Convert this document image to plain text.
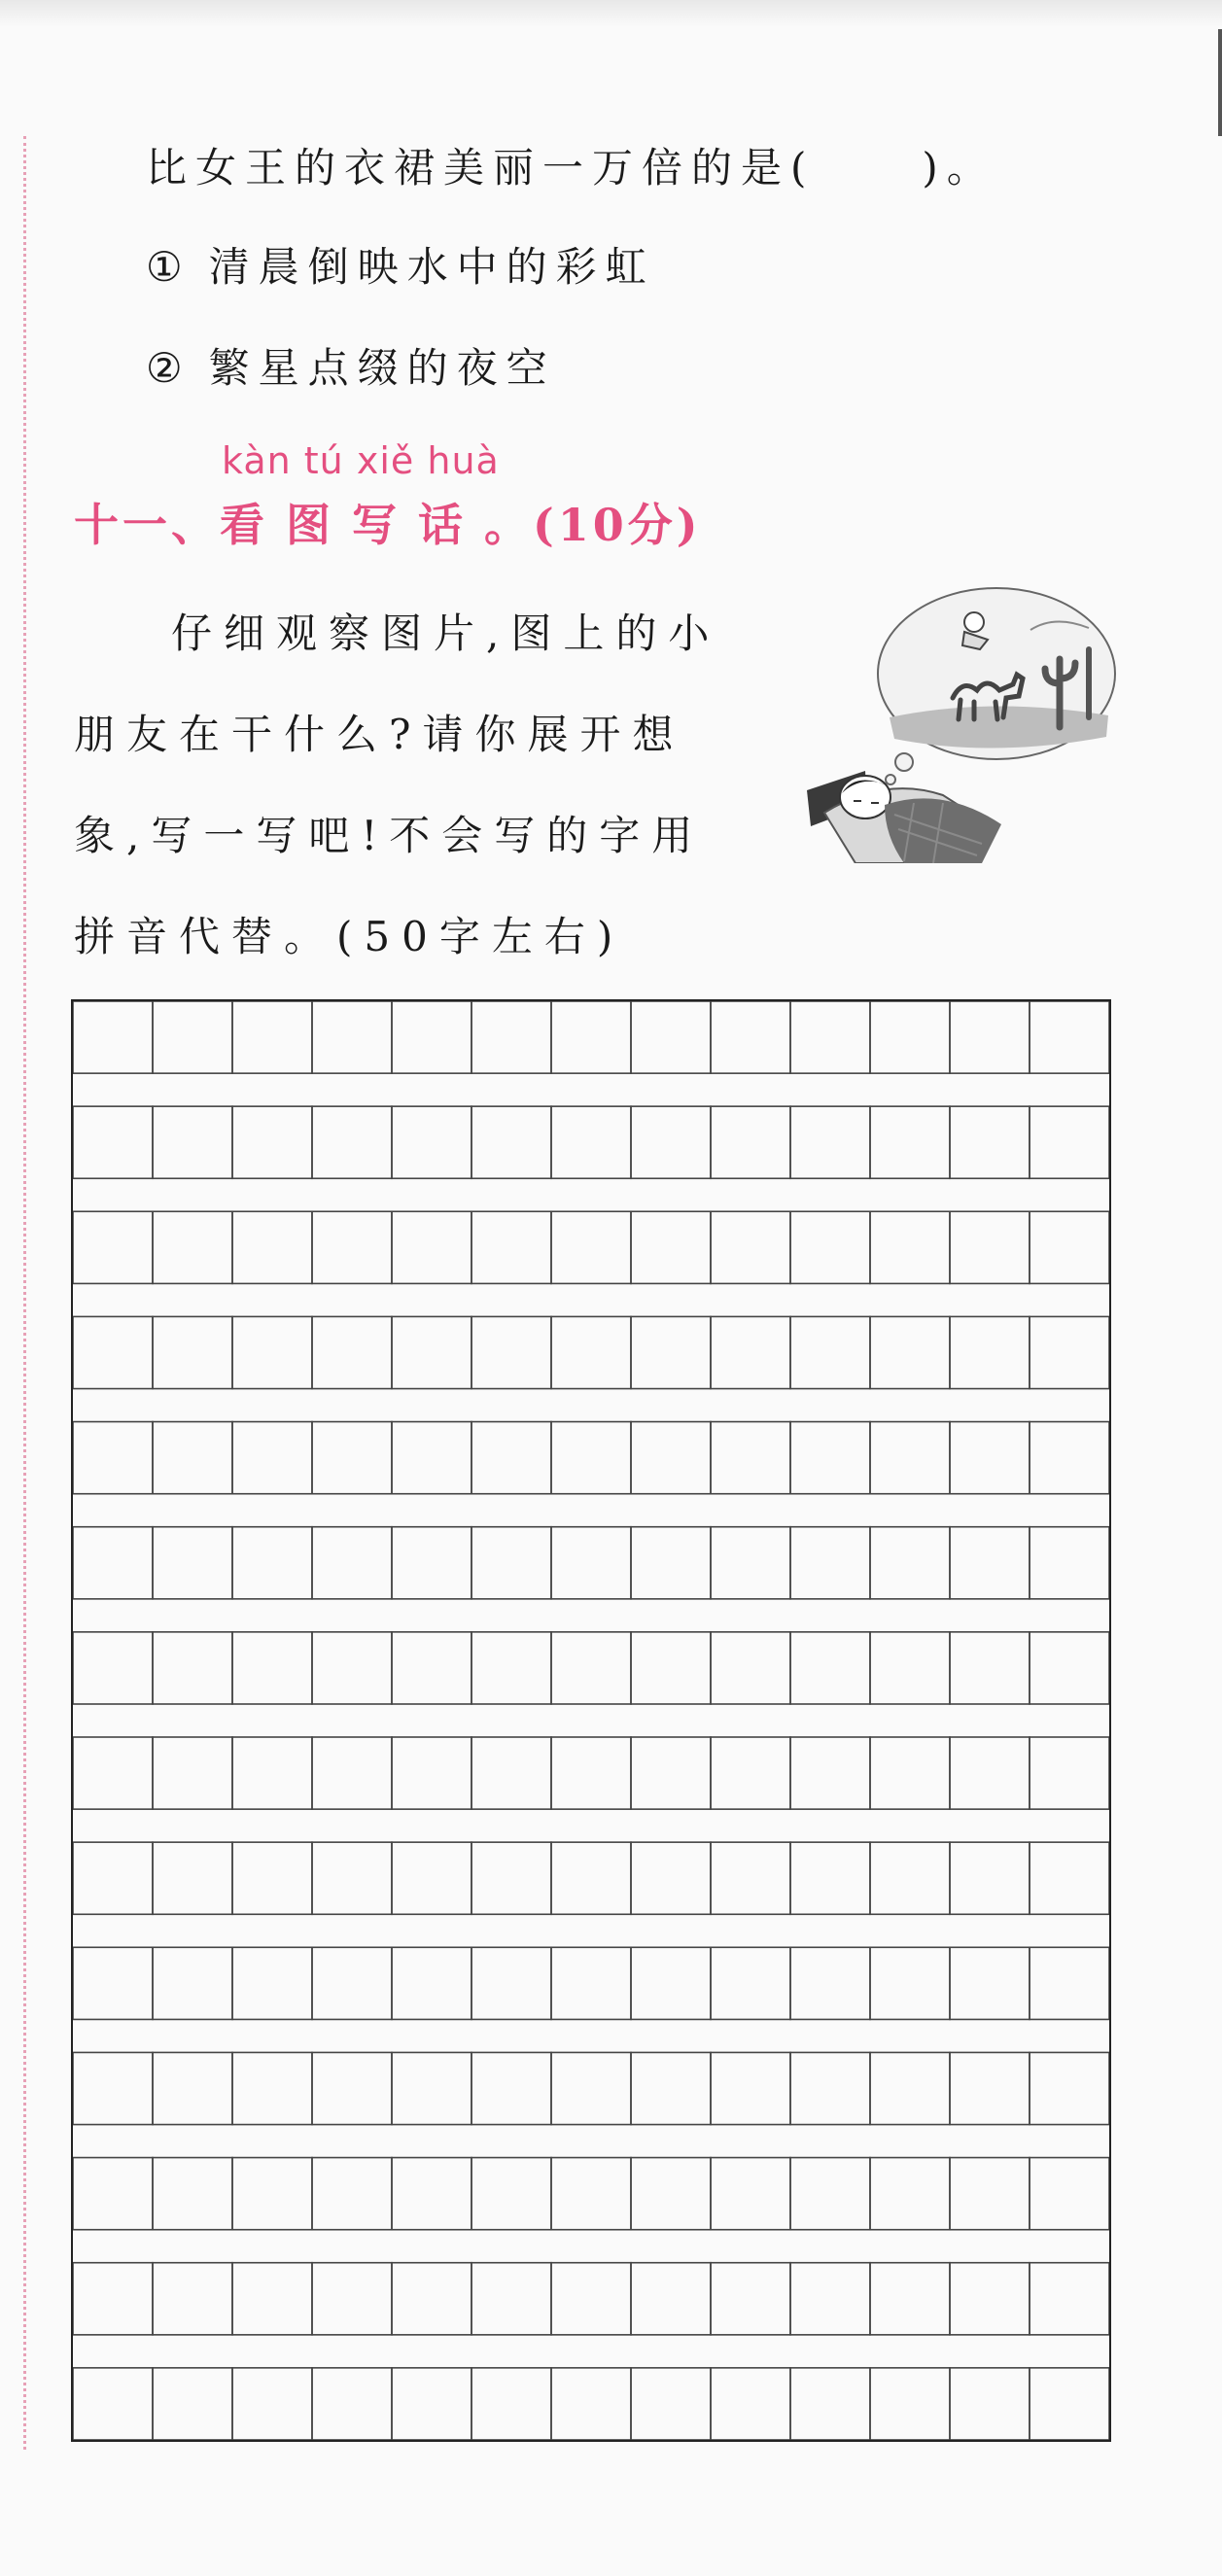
比女王的衣裙美丽一万倍的是(	)。
① 清晨倒映水中的彩虹
② 繁星点缀的夜空
kàn tú xiě huà
十一、看图写话。(10分)

仔细观察图片,图上的小

朋友在干什么?请你展开想

象,写一写吧!不会写的字用

拼音代替。(50字左右)
